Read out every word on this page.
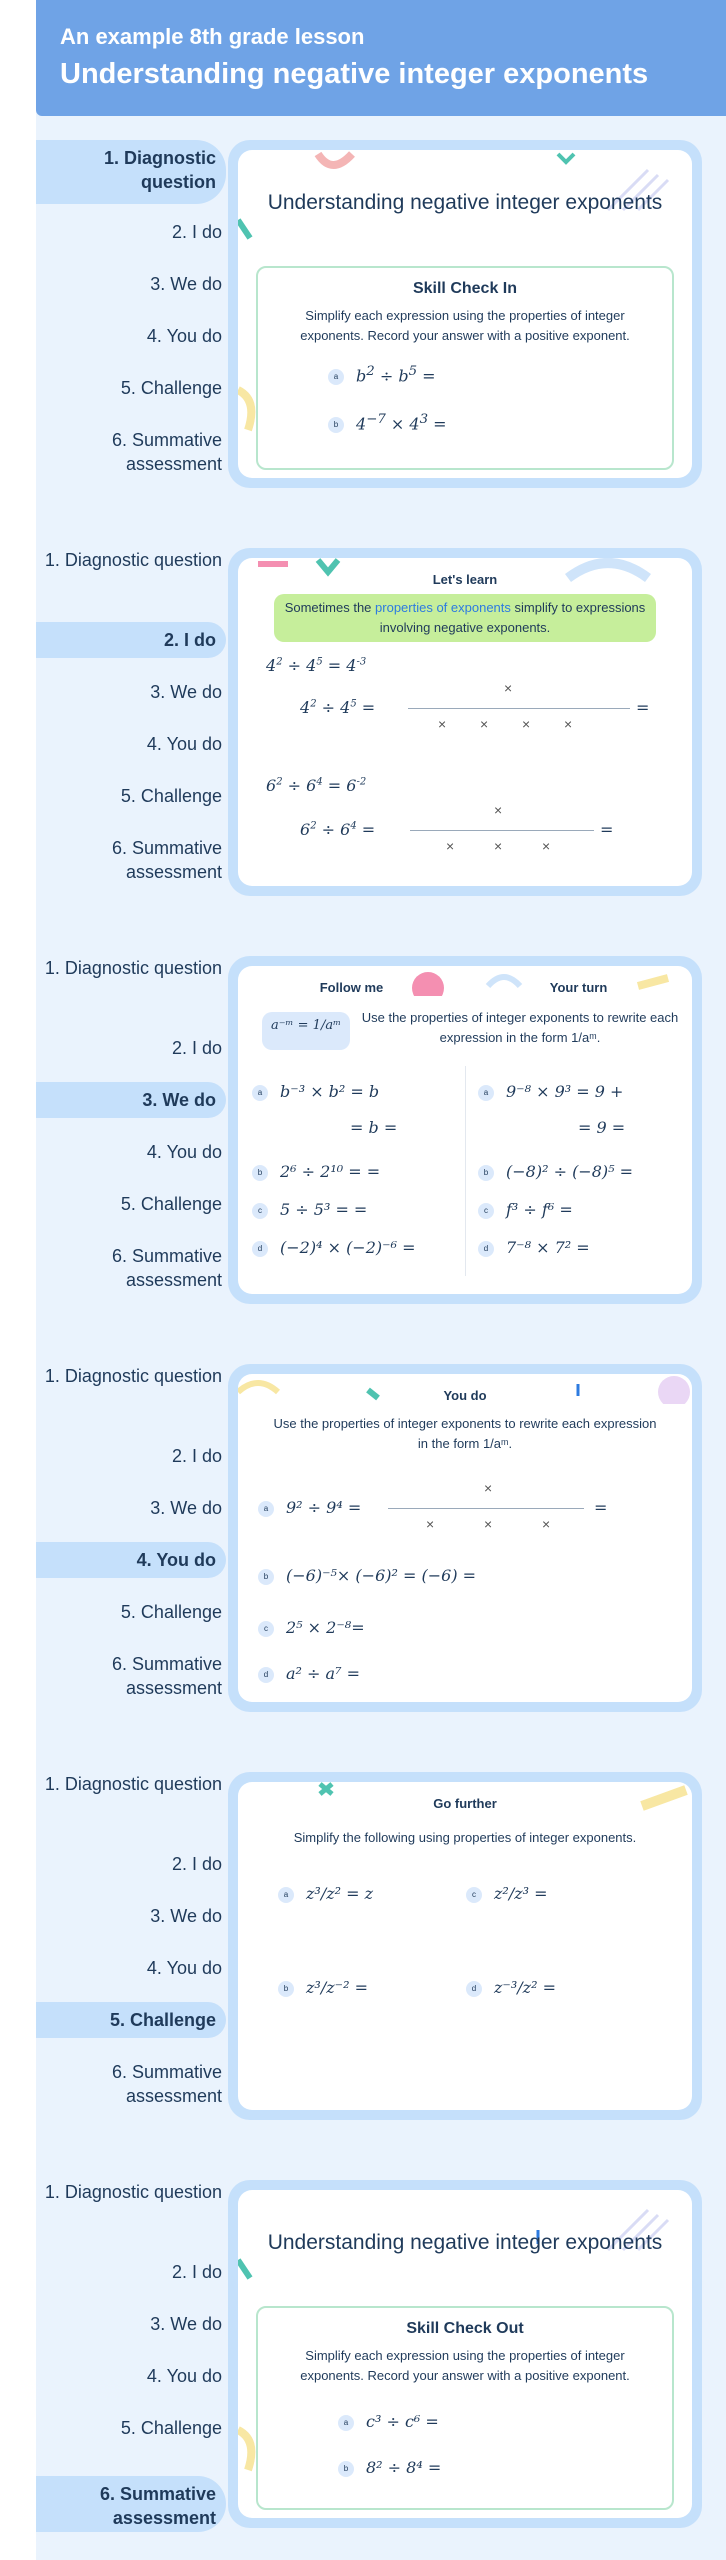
An example 8th grade lesson
Understanding negative integer exponents
1. Diagnostic question
2. I do
3. We do
4. You do
5. Challenge
6. Summative assessment
Understanding negative integer exponents
Skill Check In
Simplify each expression using the properties of integer exponents. Record your answer with a positive exponent.
a $b^2 \div b^5$ =
b $4^{-7} \times 4^3$ =
1. Diagnostic question
2. I do
3. We do
4. You do
5. Challenge
6. Summative assessment
Let's learn
Sometimes the properties of exponents simplify to expressions involving negative exponents.
$4^2 \div 4^5 = 4^{-3}$
$4^2 \div 4^5$ =
×
× × × ×
=
$6^2 \div 6^4 = 6^{-2}$
$6^2 \div 6^4$ =
×
×	×	×
=
1. Diagnostic question
2. I do
3. We do
4. You do
5. Challenge
6. Summative assessment
Follow me	Your turn
a⁻ᵐ = 1/aᵐ
Use the properties of integer exponents to rewrite each expression in the form 1/aᵐ.
a b⁻³ × b² = b
= b =
b 2⁶ ÷ 2¹⁰ = =
c 5 ÷ 5³ = =
d (−2)⁴ × (−2)⁻⁶ =
a 9⁻⁸ × 9³ = 9 +
= 9 =
b (−8)² ÷ (−8)⁵ =
c f³ ÷ f⁶ =
d 7⁻⁸ × 7² =
1. Diagnostic question
2. I do
3. We do
4. You do
5. Challenge
6. Summative assessment
You do
Use the properties of integer exponents to rewrite each expression in the form 1/aᵐ.
a 9² ÷ 9⁴ =
×
×	×	×
=
b (−6)⁻⁵× (−6)² = (−6) =
c 2⁵ × 2⁻⁸=
d a² ÷ a⁷ =
1. Diagnostic question
2. I do
3. We do
4. You do
5. Challenge
6. Summative assessment
Go further
Simplify the following using properties of integer exponents.
a z³/z² = z	c z²/z³ =
b z³/z⁻² =	d z⁻³/z² =
1. Diagnostic question
2. I do
3. We do
4. You do
5. Challenge
6. Summative assessment
Understanding negative integer exponents
Skill Check Out
Simplify each expression using the properties of integer exponents. Record your answer with a positive exponent.
a c³ ÷ c⁶ =
b 8² ÷ 8⁴ =
